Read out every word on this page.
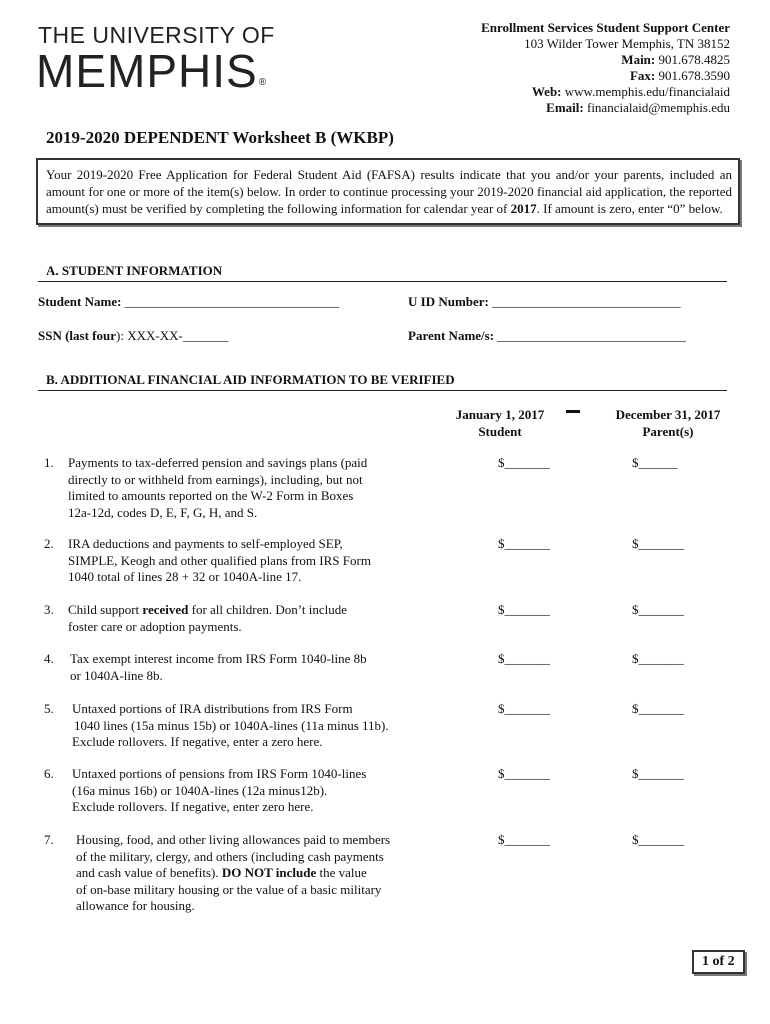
THE UNIVERSITY OF
MEMPHIS®
Enrollment Services Student Support Center
103 Wilder Tower Memphis, TN 38152
Main: 901.678.4825
Fax: 901.678.3590
Web: www.memphis.edu/financialaid
Email: financialaid@memphis.edu
2019-2020 DEPENDENT Worksheet B (WKBP)
Your 2019-2020 Free Application for Federal Student Aid (FAFSA) results indicate that you and/or your parents, included an amount for one or more of the item(s) below. In order to continue processing your 2019-2020 financial aid application, the reported amount(s) must be verified by completing the following information for calendar year of 2017. If amount is zero, enter “0” below.
A. STUDENT INFORMATION
Student Name: _________________________________	U ID Number: _____________________________
SSN (last four): XXX-XX-_______	Parent Name/s: _____________________________
B. ADDITIONAL FINANCIAL AID INFORMATION TO BE VERIFIED
January 1, 2017
Student
December 31, 2017
Parent(s)
1. Payments to tax-deferred pension and savings plans (paid
directly to or withheld from earnings), including, but not
limited to amounts reported on the W-2 Form in Boxes
12a-12d, codes D, E, F, G, H, and S.
$_______	$______
2. IRA deductions and payments to self-employed SEP,
SIMPLE, Keogh and other qualified plans from IRS Form
1040 total of lines 28 + 32 or 1040A-line 17.
$_______	$_______
3. Child support received for all children. Don’t include
foster care or adoption payments.
$_______	$_______
4. Tax exempt interest income from IRS Form 1040-line 8b
or 1040A-line 8b.
$_______	$_______
5. Untaxed portions of IRA distributions from IRS Form
1040 lines (15a minus 15b) or 1040A-lines (11a minus 11b).
Exclude rollovers. If negative, enter a zero here.
$_______	$_______
6. Untaxed portions of pensions from IRS Form 1040-lines
(16a minus 16b) or 1040A-lines (12a minus12b).
Exclude rollovers. If negative, enter zero here.
$_______	$_______
7. Housing, food, and other living allowances paid to members
of the military, clergy, and others (including cash payments
and cash value of benefits). DO NOT include the value
of on-base military housing or the value of a basic military
allowance for housing.
$_______	$_______
1 of 2
